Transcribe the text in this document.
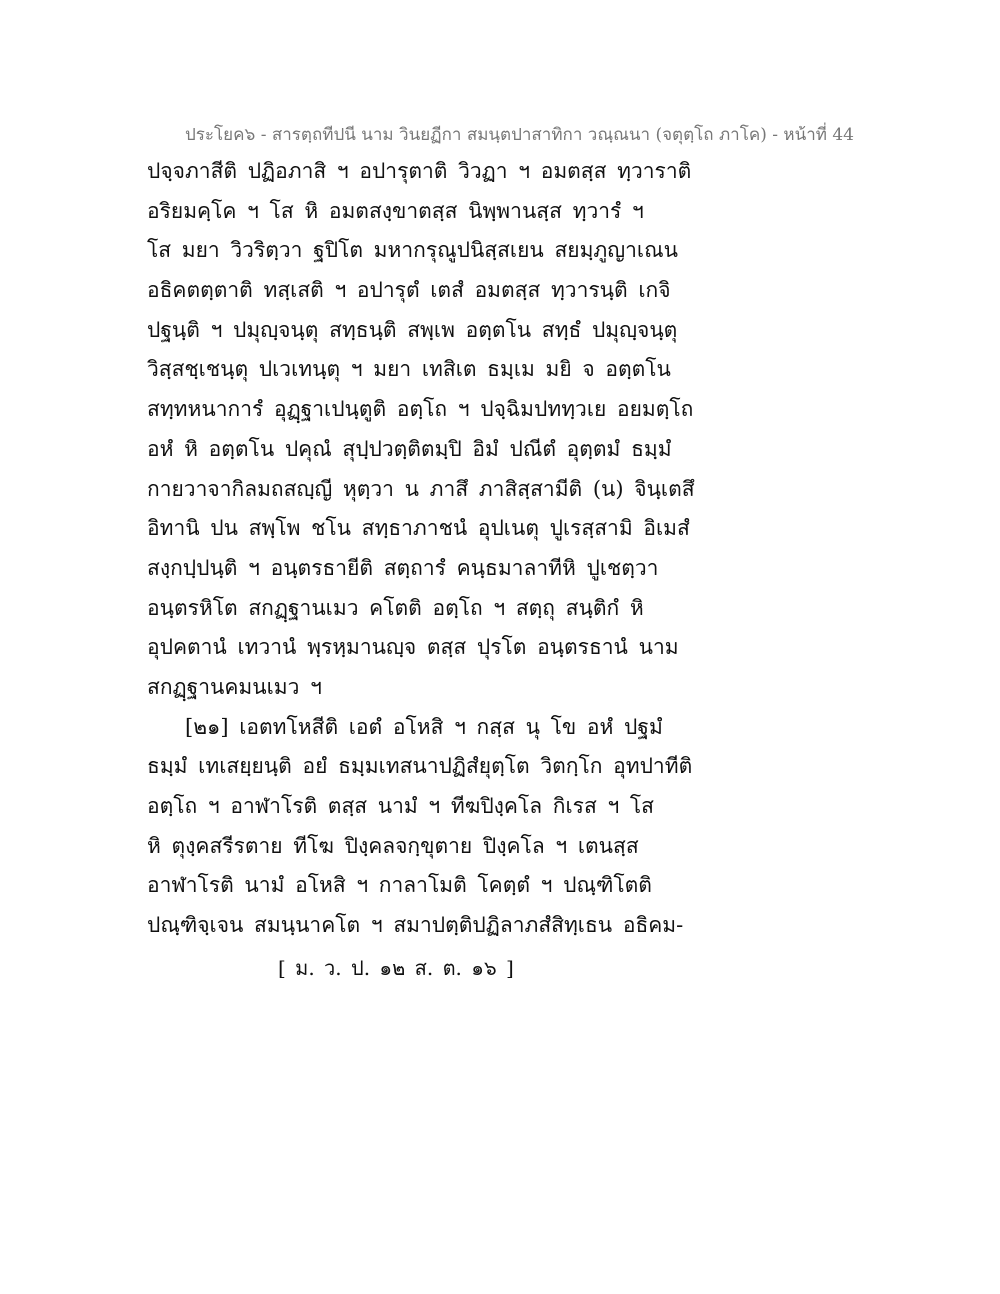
ประโยค๖ - สารตฺถทีปนี นาม วินยฏีกา สมนฺตปาสาทิกา วณฺณนา (จตุตฺโถ ภาโค) - หน้าที่ 44
ปจฺจภาสีติ ปฏิอภาสิ ฯ อปารุตาติ วิวฏา ฯ อมตสฺส ทฺวาราติ
อริยมคฺโค ฯ โส หิ อมตสงฺขาตสฺส นิพฺพานสฺส ทฺวารํ ฯ
โส มยา วิวริตฺวา ฐปิโต มหากรุณูปนิสฺสเยน สยมฺภูญาเณน
อธิคตตฺตาติ ทสฺเสติ ฯ อปารุตํ เตสํ อมตสฺส ทฺวารนฺติ เกจิ
ปฐนฺติ ฯ ปมุญฺจนฺตุ สทฺธนฺติ สพฺเพ อตฺตโน สทฺธํ ปมุญฺจนฺตุ
วิสฺสชฺเชนฺตุ ปเวเทนฺตุ ฯ มยา เทสิเต ธมฺเม มยิ จ อตฺตโน
สทฺทหนาการํ อุฏฺฐาเปนฺตูติ อตฺโถ ฯ ปจฺฉิมปททฺวเย อยมตฺโถ
อหํ หิ อตฺตโน ปคุณํ สุปฺปวตฺติตมฺปิ อิมํ ปณีตํ อุตฺตมํ ธมฺมํ
กายวาจากิลมถสญฺญี หุตฺวา น ภาสึ ภาสิสฺสามีติ (น) จินฺเตสึ
อิทานิ ปน สพฺโพ ชโน สทฺธาภาชนํ อุปเนตุ ปูเรสฺสามิ อิเมสํ
สงฺกปฺปนฺติ ฯ อนฺตรธายีติ สตฺถารํ คนฺธมาลาทีหิ ปูเชตฺวา
อนฺตรหิโต สกฏฺฐานเมว คโตติ อตฺโถ ฯ สตฺถุ สนฺติกํ หิ
อุปคตานํ เทวานํ พฺรหฺมานญฺจ ตสฺส ปุรโต อนฺตรธานํ นาม
สกฏฺฐานคมนเมว ฯ
[๒๑] เอตทโหสีติ เอตํ อโหสิ ฯ กสฺส นุ โข อหํ ปฐมํ
ธมฺมํ เทเสยฺยนฺติ อยํ ธมฺมเทสนาปฏิสํยุตฺโต วิตกฺโก อุทปาทีติ
อตฺโถ ฯ อาฬาโรติ ตสฺส นามํ ฯ ทีฆปิงฺคโล กิเรส ฯ โส
หิ ตุงฺคสรีรตาย ทีโฆ ปิงฺคลจกฺขุตาย ปิงฺคโล ฯ เตนสฺส
อาฬาโรติ นามํ อโหสิ ฯ กาลาโมติ โคตฺตํ ฯ ปณฺฑิโตติ
ปณฺฑิจฺเจน สมนฺนาคโต ฯ สมาปตฺติปฏิลาภสํสิทฺเธน อธิคม-
[ ม. ว. ป. ๑๒ ส. ต. ๑๖ ]
